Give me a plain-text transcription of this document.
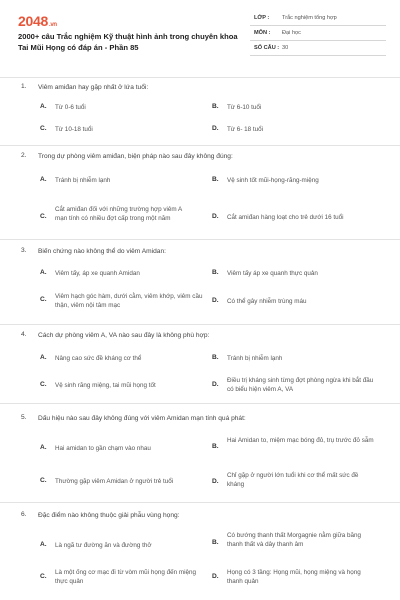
2048.vn
2000+ câu Trắc nghiệm Kỹ thuật hình ảnh trong chuyên khoa Tai Mũi Họng có đáp án - Phần 85
LỚP : Trắc nghiệm tổng hợp
MÔN : Đại học
SỐ CÂU : 30
1. Viêm amiđan hay gặp nhất ở lứa tuổi:
A. Từ 0-6 tuổi	B. Từ 6-10 tuổi
C. Từ 10-18 tuổi	D. Từ 6- 18 tuổi
2. Trong dự phòng viêm amiđan, biện pháp nào sau đây không đúng:
A. Tránh bị nhiễm lạnh	B. Vệ sinh tốt mũi-họng-răng-miệng
C.
Cắt amiđan đối với những trường hợp viêm A mạn tính có nhiều đợt cấp trong một năm	D. Cắt amiđan hàng loạt cho trẻ dưới 16 tuổi
3. Biến chứng nào không thể do viêm Amidan:
A. Viêm tấy, áp xe quanh Amidan	B. Viêm tấy áp xe quanh thực quản
C. Viêm hạch góc hàm, dưới cằm, viêm khớp, viêm cầu thận, viêm nội tâm mạc
D. Có thể gây nhiễm trùng máu
4. Cách dự phòng viêm A, VA nào sau đây là không phù hợp:
A. Nâng cao sức đề kháng cơ thể	B. Tránh bị nhiễm lạnh
C. Vệ sinh răng miệng, tai mũi họng tốt	D.
Điều trị kháng sinh từng đợt phòng ngừa khi bắt đầu có biểu hiện viêm A, VA
5. Dấu hiệu nào sau đây không đúng với viêm Amidan mạn tính quá phát:
A. Hai amidan to gần chạm vào nhau	B.
Hai Amidan to, miệm mạc bóng đỏ, trụ trước đỏ sẫm
C. Thường gặp viêm Amidan ở người trẻ tuổi	D.
Chỉ gặp ở người lớn tuổi khi cơ thể mất sức đề kháng
6. Đặc điểm nào không thuộc giải phẫu vùng họng:
A. Là ngã tư đường ăn và đường thở	B.
Có bướng thanh thất Morgagnie nằm giữa băng thanh thất và dây thanh âm
C.
Là một ống cơ mạc đi từ vòm mũi họng đến miệng thực quản
D.
Họng có 3 tầng: Họng mũi, họng miệng và họng thanh quản
